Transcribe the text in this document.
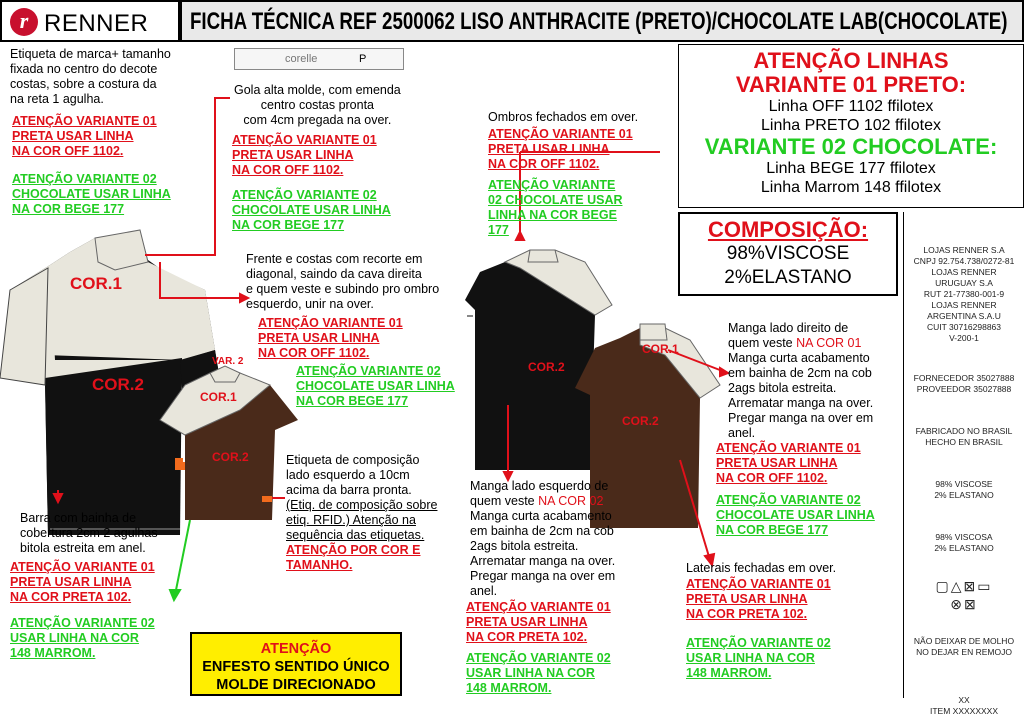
r RENNER FICHA TÉCNICA REF 2500062 LISO ANTHRACITE (PRETO)/CHOCOLATE LAB(CHOCOLATE)
corelle	P
COR.1
COR.2
VAR. 2
COR.1
COR.2
COR.2
COR.1
COR.2
Etiqueta de marca+ tamanho
fixada no centro do decote
costas, sobre a costura da
na reta 1 agulha.
ATENÇÃO VARIANTE 01
PRETA USAR LINHA
NA COR OFF 1102.
ATENÇÃO VARIANTE 02
CHOCOLATE USAR LINHA
NA COR BEGE 177
Barra com bainha de
cobertura 2cm 2 agulhas
bitola estreita em anel.
ATENÇÃO VARIANTE 01
PRETA USAR LINHA
NA COR PRETA 102.
ATENÇÃO VARIANTE 02
USAR LINHA NA COR
148 MARROM.
Gola alta molde, com emenda
centro costas pronta
com 4cm pregada na over.
ATENÇÃO VARIANTE 01
PRETA USAR LINHA
NA COR OFF 1102.
ATENÇÃO VARIANTE 02
CHOCOLATE USAR LINHA
NA COR BEGE 177
Frente e costas com recorte em
diagonal, saindo da cava direita
e quem veste e subindo pro ombro
esquerdo, unir na over.
ATENÇÃO VARIANTE 01
PRETA USAR LINHA
NA COR OFF 1102.
ATENÇÃO VARIANTE 02
CHOCOLATE USAR LINHA
NA COR BEGE 177
Etiqueta de composição
lado esquerdo a 10cm
acima da barra pronta.
(Etiq. de composição sobre
etiq. RFID.) Atenção na
sequência das etiquetas.
ATENÇÃO POR COR E
TAMANHO.
Ombros fechados em over.
ATENÇÃO VARIANTE 01
PRETA USAR LINHA
NA COR OFF 1102.
ATENÇÃO VARIANTE
02 CHOCOLATE USAR
LINHA NA COR BEGE
177
Manga lado esquerdo de
quem veste NA COR 02
Manga curta acabamento
em bainha de 2cm na cob
2ags bitola estreita.
Arrematar manga na over.
Pregar manga na over em
anel.
ATENÇÃO VARIANTE 01
PRETA USAR LINHA
NA COR PRETA 102.
ATENÇÃO VARIANTE 02
USAR LINHA NA COR
148 MARROM.
Manga lado direito de
quem veste NA COR 01
Manga curta acabamento
em bainha de 2cm na cob
2ags bitola estreita.
Arrematar manga na over.
Pregar manga na over em
anel.
ATENÇÃO VARIANTE 01
PRETA USAR LINHA
NA COR OFF 1102.
ATENÇÃO VARIANTE 02
CHOCOLATE USAR LINHA
NA COR BEGE 177
Laterais fechadas em over.
ATENÇÃO VARIANTE 01
PRETA USAR LINHA
NA COR PRETA 102.
ATENÇÃO VARIANTE 02
USAR LINHA NA COR
148 MARROM.
ATENÇÃO LINHAS
VARIANTE 01 PRETO:
Linha OFF 1102 ffilotex
Linha PRETO 102 ffilotex
VARIANTE 02 CHOCOLATE:
Linha BEGE 177 ffilotex
Linha Marrom 148 ffilotex
COMPOSIÇÃO:
98%VISCOSE
2%ELASTANO

LOJAS RENNER S.A
CNPJ 92.754.738/0272-81
LOJAS RENNER
URUGUAY S.A
RUT 21-77380-001-9
LOJAS RENNER
ARGENTINA S.A.U
CUIT 30716298863
V-200-1

FORNECEDOR 35027888
PROVEEDOR 35027888

FABRICADO NO BRASIL
HECHO EN BRASIL

98% VISCOSE
2% ELASTANO

98% VISCOSA
2% ELASTANO

▢△⊠▭
⊗⊠

NÃO DEIXAR DE MOLHO
NO DEJAR EN REMOJO

XX
ITEM XXXXXXXX

ATENÇÃO
ENFESTO SENTIDO ÚNICO
MOLDE DIRECIONADO
